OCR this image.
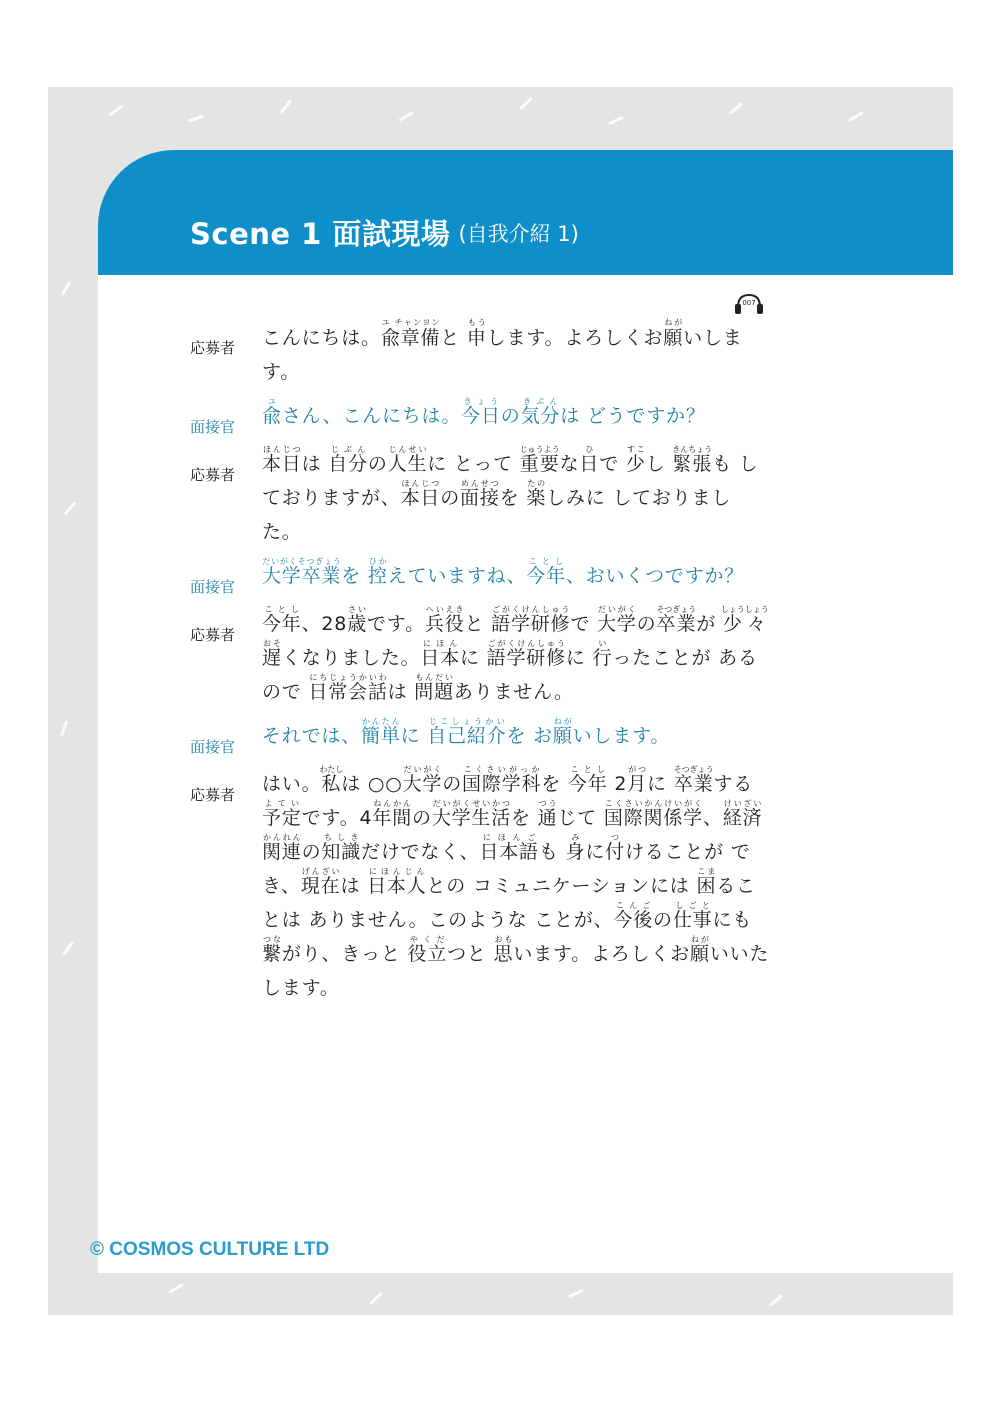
Scene 1 面試現場 (自我介紹 1)
007
応募者	こんにちは。兪章備ユ チャンヨンと 申もうします。よろしくお願ねがいします。
面接官	兪ユさん、こんにちは。今日きょうの気分きぶんは どうですか？
応募者	本日ほんじつは 自分じぶんの人生じんせいに とって 重要じゅうような日ひで 少すこし 緊張きんちょうも しておりますが、本日ほんじつの面接めんせつを 楽たのしみに しておりました。
面接官	大学卒業だいがくそつぎょうを 控ひかえていますね、今年ことし、おいくつですか？
応募者	今年ことし、28歳さいです。兵役へいえきと 語学研修ごがくけんしゅうで 大学だいがくの卒業そつぎょうが 少々しょうしょう遅おそくなりました。日本にほんに 語学研修ごがくけんしゅうに 行いったことが あるので 日常会話にちじょうかいわは 問題もんだいありません。
面接官	それでは、簡単かんたんに 自己紹介じこしょうかいを お願ねがいします。
応募者	はい。私わたしは ○○大学だいがくの国際学科こくさいがっかを 今年ことし 2月がつに 卒業そつぎょうする予定よていです。4年間ねんかんの大学生活だいがくせいかつを 通つうじて 国際関係学こくさいかんけいがく、経済けいざい関連かんれんの知識ちしきだけでなく、日本語にほんごも 身みに付つけることが でき、現在げんざいは 日本人にほんじんとの コミュニケーションには 困こまることは ありません。このような ことが、今後こんごの仕事しごとにも 繋つながり、きっと 役立やくだつと 思おもいます。よろしくお願ねがいいたします。
© COSMOS CULTURE LTD
